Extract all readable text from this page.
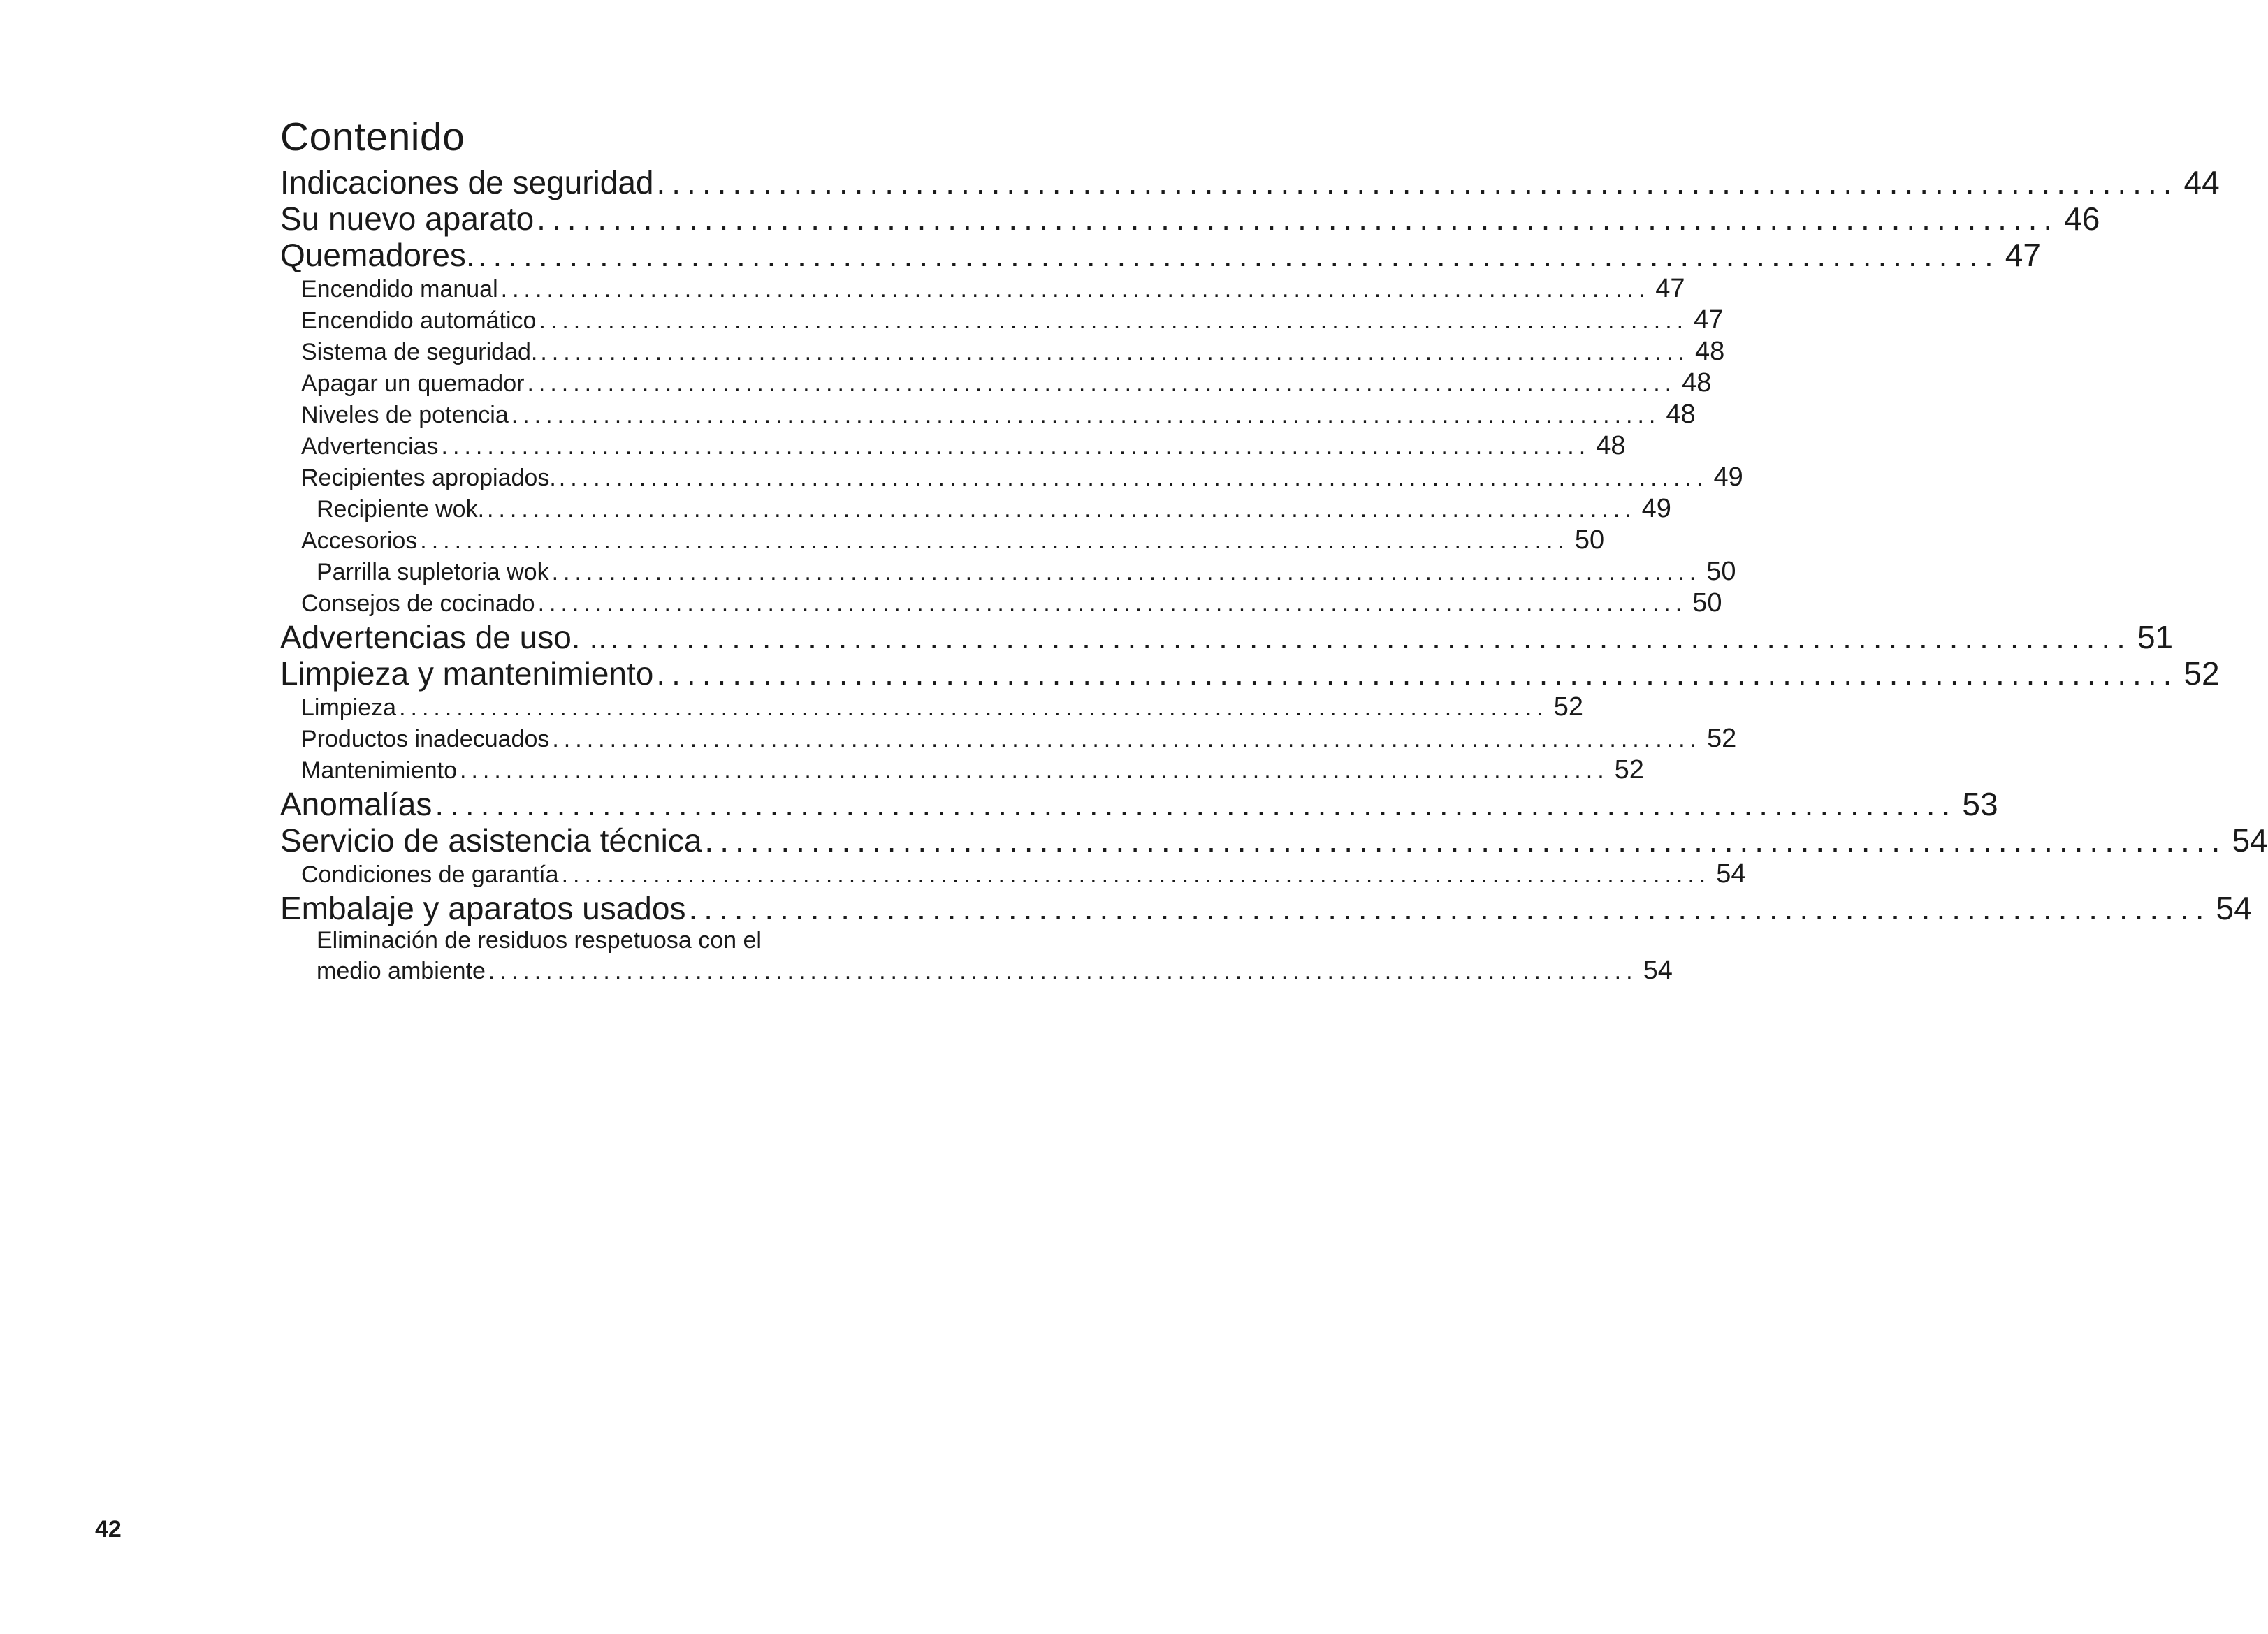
Contenido
Indicaciones de seguridad .................................................................................................... 44
Su nuevo aparato .................................................................................................... 46
Quemadores. .................................................................................................... 47
Encendido manual .................................................................................................... 47
Encendido automático .................................................................................................... 47
Sistema de seguridad. .................................................................................................... 48
Apagar un quemador .................................................................................................... 48
Niveles de potencia .................................................................................................... 48
Advertencias .................................................................................................... 48
Recipientes apropiados. .................................................................................................... 49
Recipiente wok. .................................................................................................... 49
Accesorios .................................................................................................... 50
Parrilla supletoria wok .................................................................................................... 50
Consejos de cocinado .................................................................................................... 50
Advertencias de uso. .. .................................................................................................... 51
Limpieza y mantenimiento .................................................................................................... 52
Limpieza .................................................................................................... 52
Productos inadecuados .................................................................................................... 52
Mantenimiento .................................................................................................... 52
Anomalías .................................................................................................... 53
Servicio de asistencia técnica .................................................................................................... 54
Condiciones de garantía .................................................................................................... 54
Embalaje y aparatos usados .................................................................................................... 54
Eliminación de residuos respetuosa con el
medio ambiente .................................................................................................... 54
42
